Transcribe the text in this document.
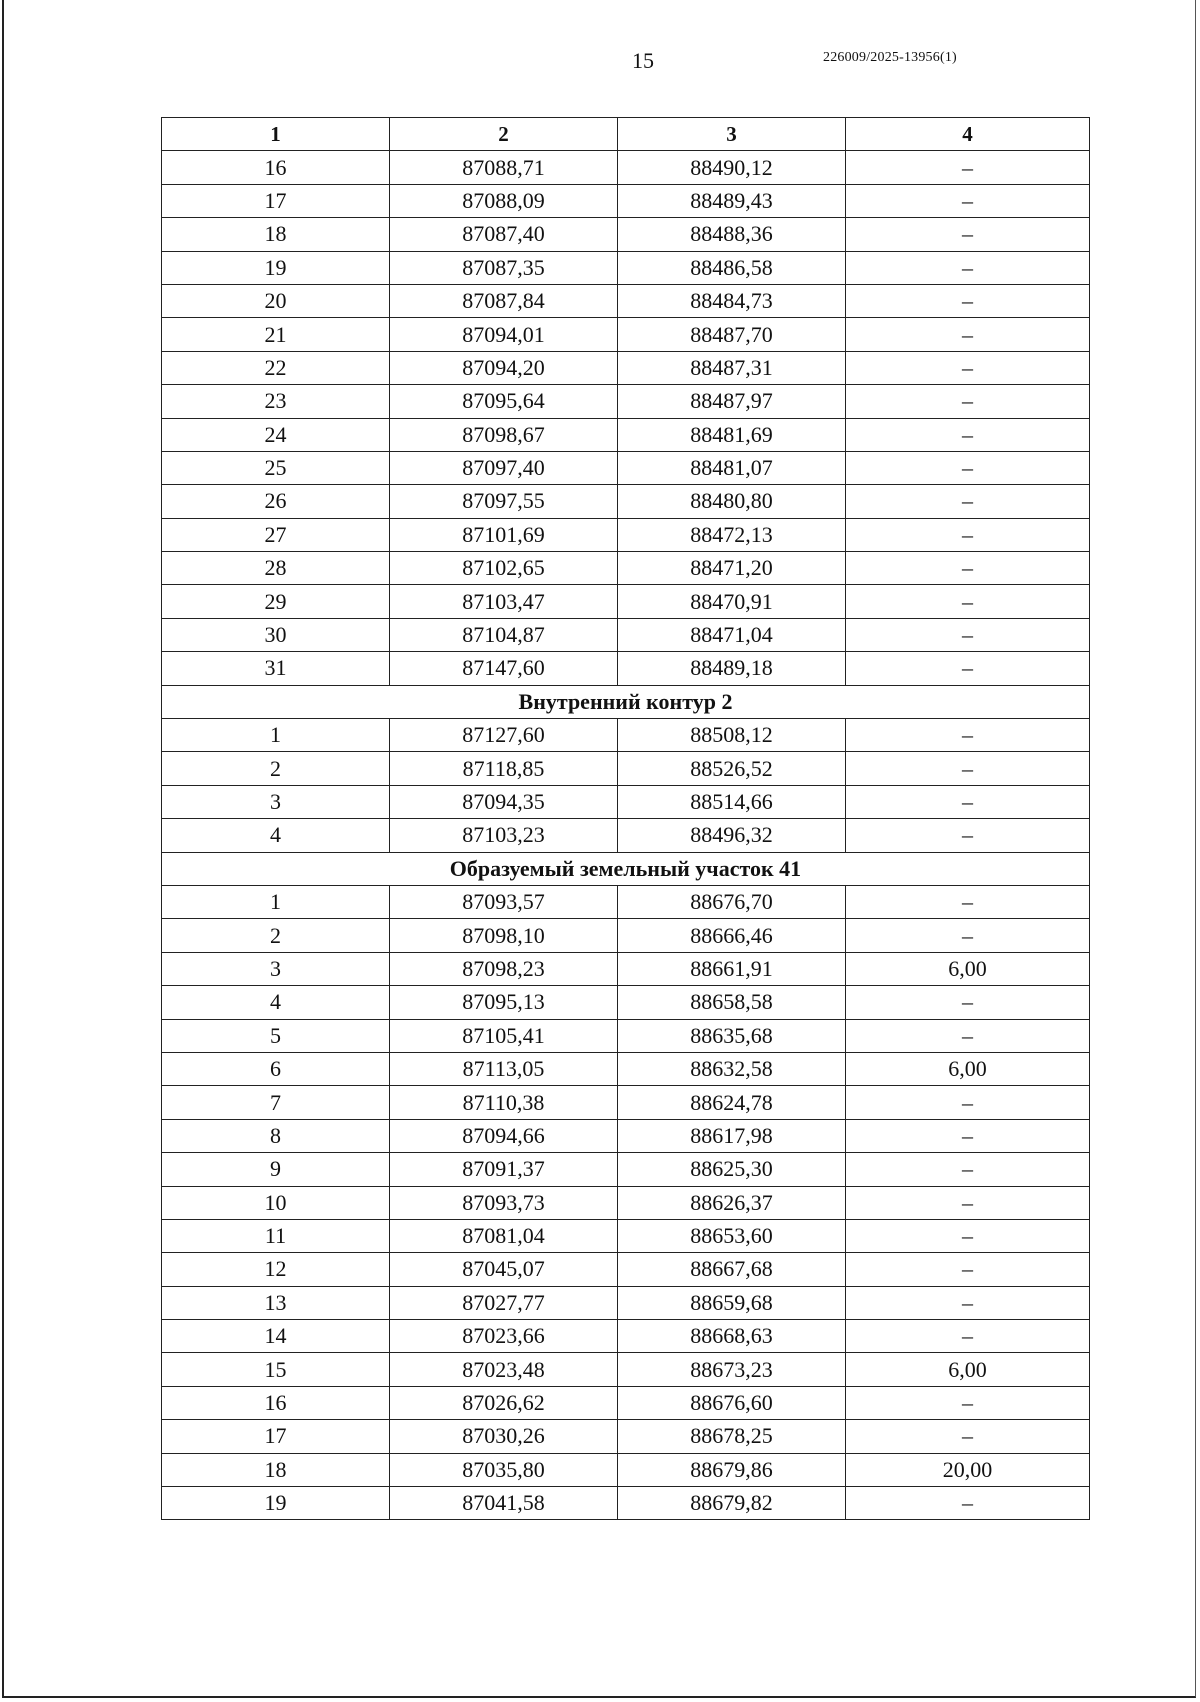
15	226009/2025-13956(1)
1	2	3	4
16	87088,71	88490,12	–
17	87088,09	88489,43	–
18	87087,40	88488,36	–
19	87087,35	88486,58	–
20	87087,84	88484,73	–
21	87094,01	88487,70	–
22	87094,20	88487,31	–
23	87095,64	88487,97	–
24	87098,67	88481,69	–
25	87097,40	88481,07	–
26	87097,55	88480,80	–
27	87101,69	88472,13	–
28	87102,65	88471,20	–
29	87103,47	88470,91	–
30	87104,87	88471,04	–
31	87147,60	88489,18	–
Внутренний контур 2			
1	87127,60	88508,12	–
2	87118,85	88526,52	–
3	87094,35	88514,66	–
4	87103,23	88496,32	–
Образуемый земельный участок 41			
1	87093,57	88676,70	–
2	87098,10	88666,46	–
3	87098,23	88661,91	6,00
4	87095,13	88658,58	–
5	87105,41	88635,68	–
6	87113,05	88632,58	6,00
7	87110,38	88624,78	–
8	87094,66	88617,98	–
9	87091,37	88625,30	–
10	87093,73	88626,37	–
11	87081,04	88653,60	–
12	87045,07	88667,68	–
13	87027,77	88659,68	–
14	87023,66	88668,63	–
15	87023,48	88673,23	6,00
16	87026,62	88676,60	–
17	87030,26	88678,25	–
18	87035,80	88679,86	20,00
19	87041,58	88679,82	–
